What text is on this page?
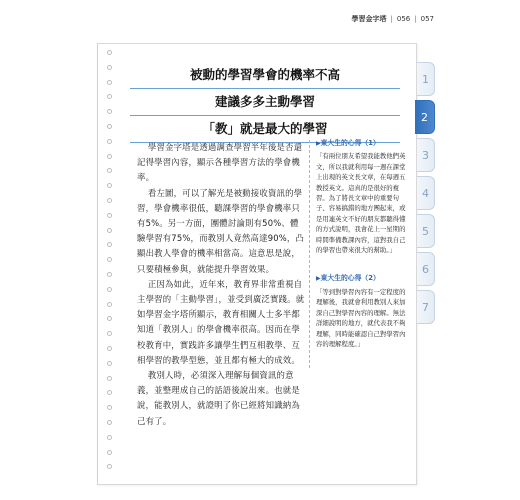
學習金字塔 | 056 | 057
1
2
3
4
5
6
7
被動的學習學會的機率不高
建議多多主動學習
「教」就是最大的學習

學習金字塔是透過調查學習半年後是否還記得學習內容，顯示各種學習方法的學會機率。

看左圖，可以了解光是被動接收資訊的學習，學會機率很低，聽課學習的學會機率只有5%。另一方面，團體討論則有50%、體驗學習有75%，而教別人竟然高達90%，凸顯出教人學會的機率相當高。這意思是說，只要積極參與，就能提升學習效果。

正因為如此，近年來，教育界非常重視自主學習的「主動學習」，並受到廣泛實踐。就如學習金字塔所顯示，教育相關人士多半都知道「教別人」的學會機率很高。因而在學校教育中，實践許多讓學生們互相教學、互相學習的教學型態，並且都有極大的成效。

教別人時，必須深入理解每個資訊的意義，並整理成自己的話語後說出來。也就是說，能教別人，就證明了你已經將知識納為己有了。

▶東大生的心得（1）
「有兩位朋友希望我能教他們英文，所以我就利用每一週在課堂上出現的英文長文章，在每週五教授英文。這真的是很好的複習。為了將長文章中的重要句子、容易搞錯的地方團起來，或是用連英文不好的朋友都聽得懂的方式說明，我會花上一星期的時間準備教課內容，這對我自己的學習也帶來很大的幫助。」
▶東大生的心得（2）
「等到對學習內容有一定程度的理解後，我就會利用教別人來加深自己對學習內容的理解。無法詳細說明的地方，就代表我不夠理解，同時能確認自己對學習內容的理解程度。」
